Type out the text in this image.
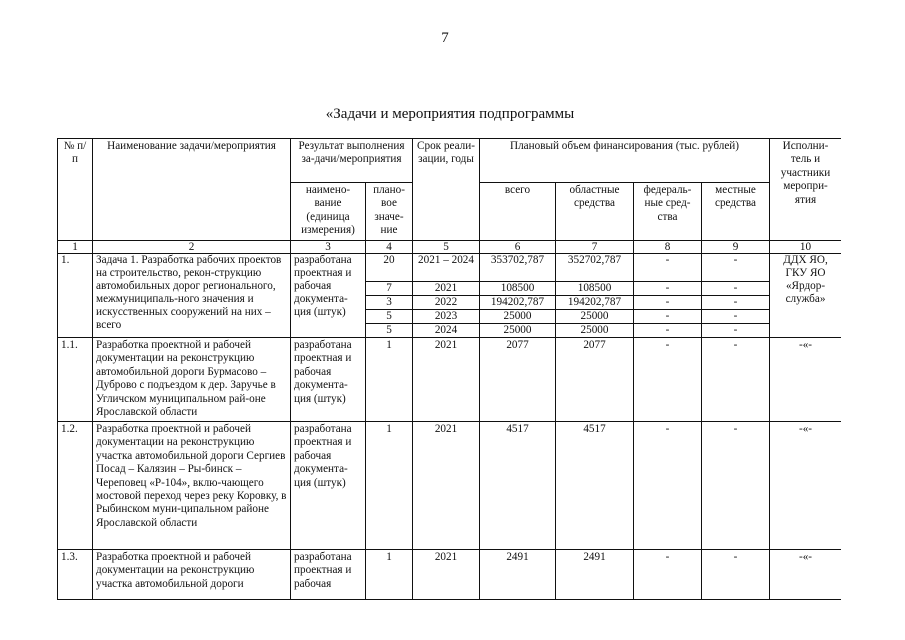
7
«Задачи и мероприятия подпрограммы
№ п/п	Наименование задачи/мероприятия	Результат выполнения за-дачи/мероприятия		Срок реали-зации, годы	Плановый объем финансирования (тыс. рублей)				Исполни-тель и участники меропри-ятия
		наимено-вание (единица измерения)	плано-вое значе-ние		всего	областные средства	федераль-ные сред-ства	местные средства	
1	2	3	4	5	6	7	8	9	10
1.	Задача 1. Разработка рабочих проектов на строительство, рекон-струкцию автомобильных дорог регионального, межмуниципаль-ного значения и искусственных сооружений на них – всего	разработана проектная и рабочая документа-ция (штук)	20	2021 – 2024	353702,787	352702,787	-	-	ДДХ ЯО, ГКУ ЯО «Ярдор-служба»
			7	2021	108500	108500	-	-	
			3	2022	194202,787	194202,787	-	-	
			5	2023	25000	25000	-	-	
			5	2024	25000	25000	-	-	
1.1.	Разработка проектной и рабочей документации на реконструкцию автомобильной дороги Бурмасово – Дуброво с подъездом к дер. Заручье в Угличском муниципальном рай-оне Ярославской области	разработана проектная и рабочая документа-ция (штук)	1	2021	2077	2077	-	-	-«-
1.2.	Разработка проектной и рабочей документации на реконструкцию участка автомобильной дороги Сергиев Посад – Калязин – Ры-бинск – Череповец «Р-104», вклю-чающего мостовой переход через реку Коровку, в Рыбинском муни-ципальном районе Ярославской области	разработана проектная и рабочая документа-ция (штук)	1	2021	4517	4517	-	-	-«-
1.3.	Разработка проектной и рабочей документации на реконструкцию участка автомобильной дороги	разработана проектная и рабочая	1	2021	2491	2491	-	-	-«-
